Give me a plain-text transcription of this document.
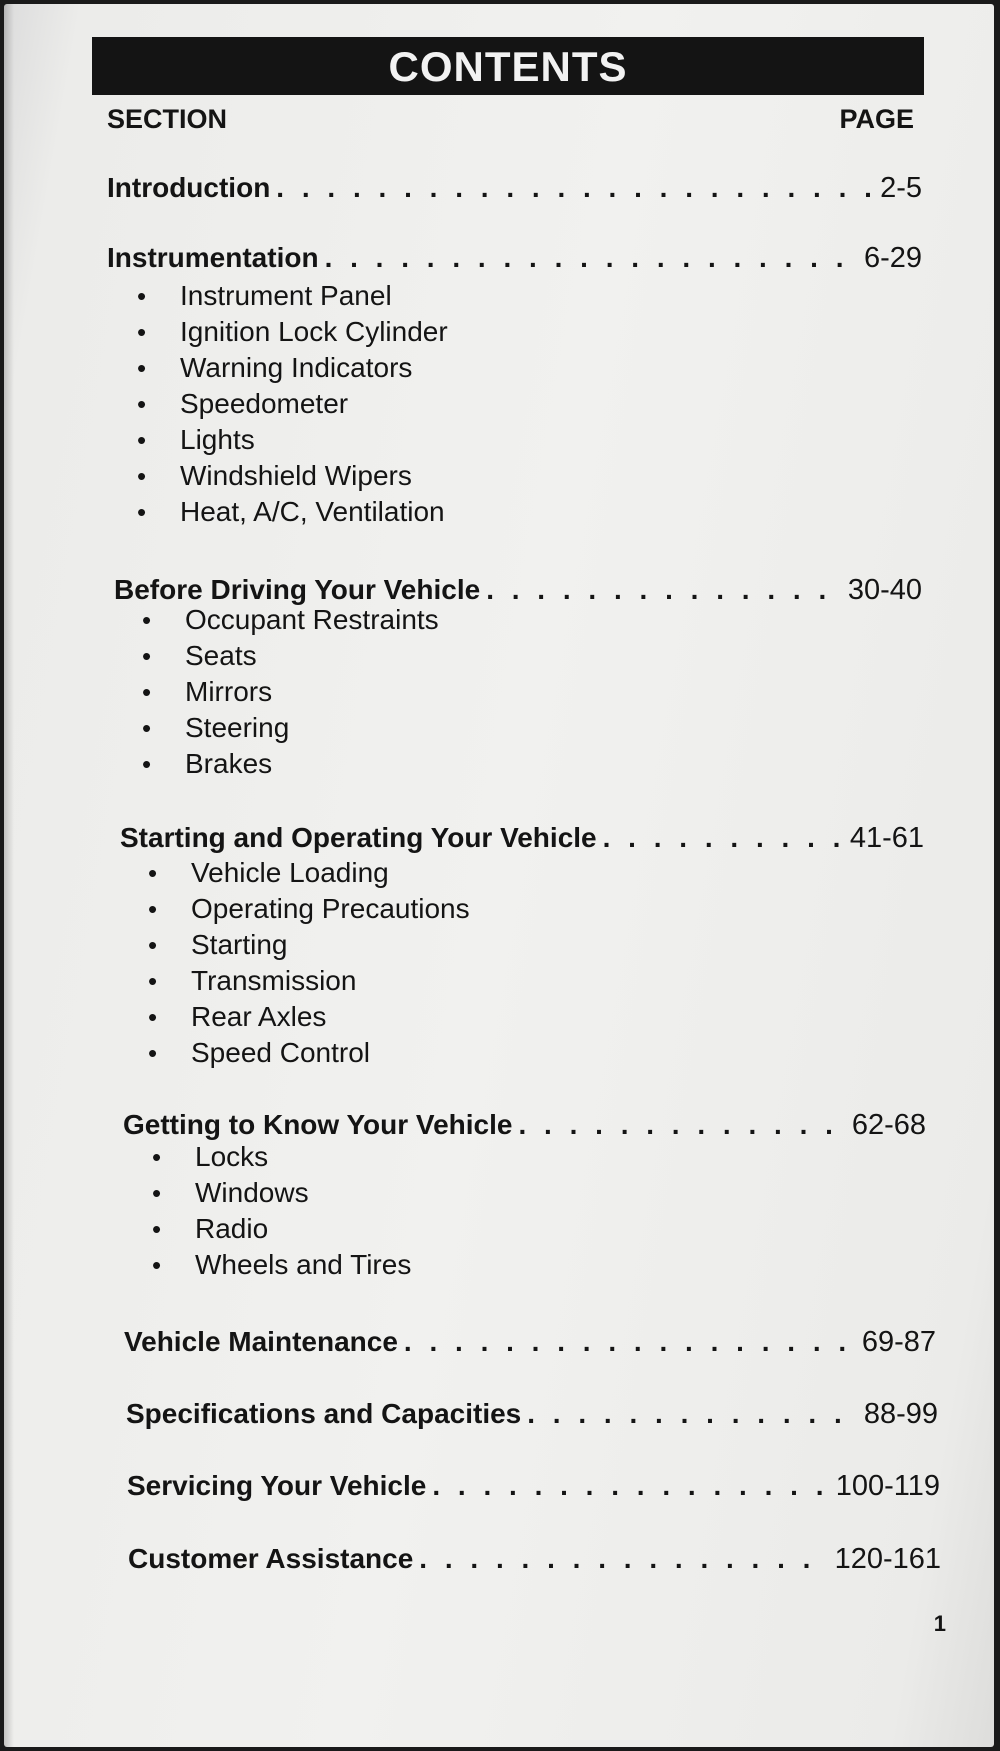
CONTENTS
SECTION	PAGE
Introduction . . .	2-5
Instrumentation . . .	6-29
• Instrument Panel
• Ignition Lock Cylinder
• Warning Indicators
• Speedometer
• Lights
• Windshield Wipers
• Heat, A/C, Ventilation
Before Driving Your Vehicle . . .	30-40
• Occupant Restraints
• Seats
• Mirrors
• Steering
• Brakes
Starting and Operating Your Vehicle . . .	41-61
• Vehicle Loading
• Operating Precautions
• Starting
• Transmission
• Rear Axles
• Speed Control
Getting to Know Your Vehicle . . .	62-68
• Locks
• Windows
• Radio
• Wheels and Tires
Vehicle Maintenance . . .	69-87
Specifications and Capacities . . .	88-99
Servicing Your Vehicle . . .	100-119
Customer Assistance . . .	120-161
1
